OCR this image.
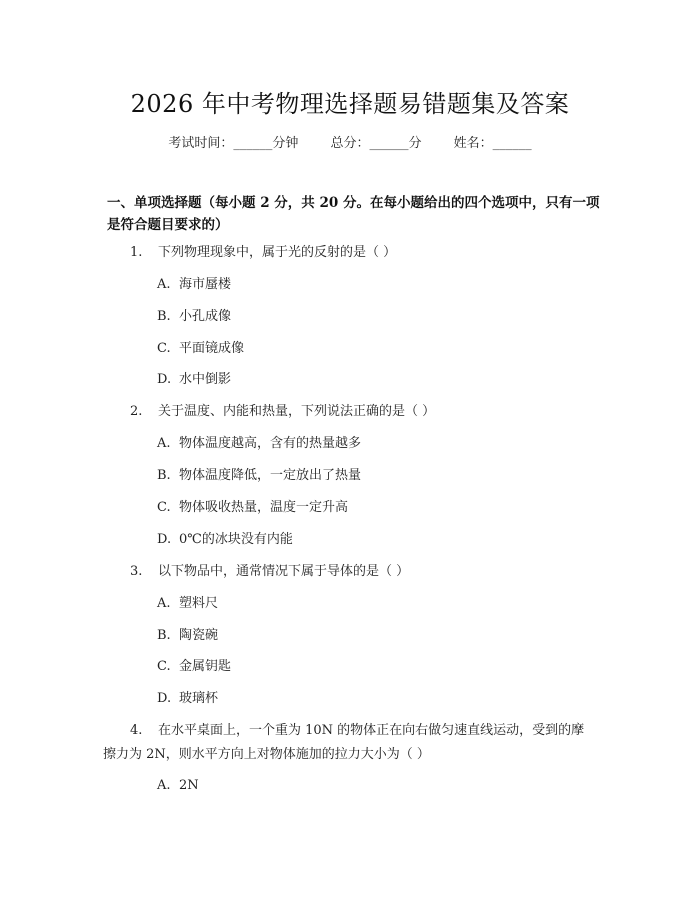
2026 年中考物理选择题易错题集及答案
考试时间：______分钟 总分：______分 姓名：______
一、单项选择题（每小题 2 分，共 20 分。在每小题给出的四个选项中，只有一项
是符合题目要求的）
1. 下列物理现象中，属于光的反射的是（ ）
A. 海市蜃楼
B. 小孔成像
C. 平面镜成像
D. 水中倒影
2. 关于温度、内能和热量，下列说法正确的是（ ）
A. 物体温度越高，含有的热量越多
B. 物体温度降低，一定放出了热量
C. 物体吸收热量，温度一定升高
D. 0℃的冰块没有内能
3. 以下物品中，通常情况下属于导体的是（ ）
A. 塑料尺
B. 陶瓷碗
C. 金属钥匙
D. 玻璃杯
4. 在水平桌面上，一个重为 10N 的物体正在向右做匀速直线运动，受到的摩
擦力为 2N，则水平方向上对物体施加的拉力大小为（ ）
A. 2N
